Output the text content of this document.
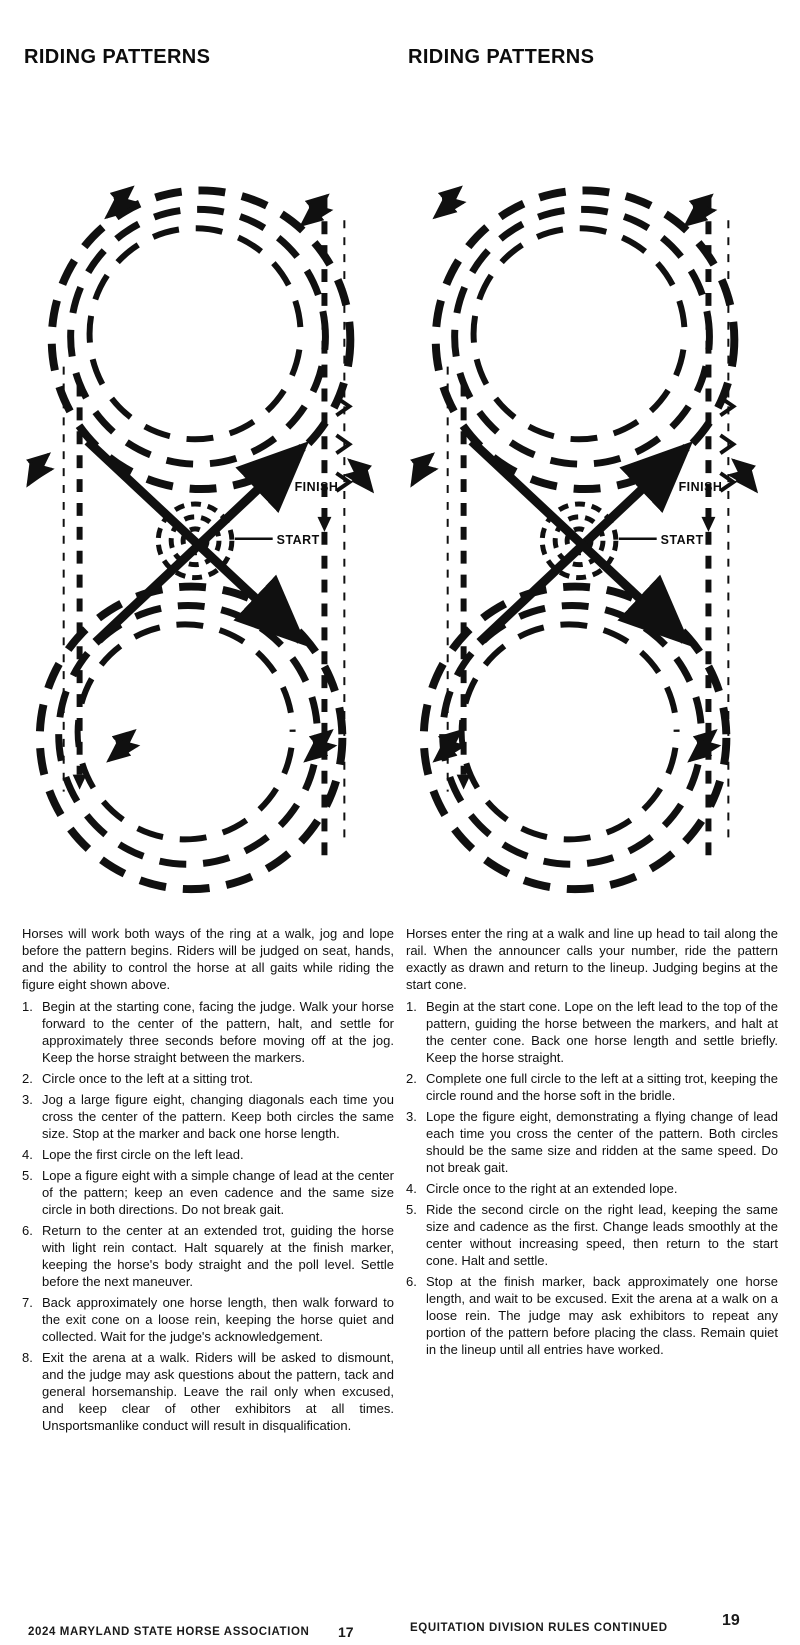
RIDING PATTERNS
START
FINISH

Horses will work both ways of the ring at a walk, jog and lope before the pattern begins. Riders will be judged on seat, hands, and the ability to control the horse at all gaits while riding the figure eight shown above.

1. Begin at the starting cone, facing the judge. Walk your horse forward to the center of the pattern, halt, and settle for approximately three seconds before moving off at the jog. Keep the horse straight between the markers.
2. Circle once to the left at a sitting trot.
3. Jog a large figure eight, changing diagonals each time you cross the center of the pattern. Keep both circles the same size. Stop at the marker and back one horse length.
4. Lope the first circle on the left lead.
5. Lope a figure eight with a simple change of lead at the center of the pattern; keep an even cadence and the same size circle in both directions. Do not break gait.
6. Return to the center at an extended trot, guiding the horse with light rein contact. Halt squarely at the finish marker, keeping the horse's body straight and the poll level. Settle before the next maneuver.
7. Back approximately one horse length, then walk forward to the exit cone on a loose rein, keeping the horse quiet and collected. Wait for the judge's acknowledgement.
8. Exit the arena at a walk. Riders will be asked to dismount, and the judge may ask questions about the pattern, tack and general horsemanship. Leave the rail only when excused, and keep clear of other exhibitors at all times. Unsportsmanlike conduct will result in disqualification.
RIDING PATTERNS
START
FINISH

Horses enter the ring at a walk and line up head to tail along the rail. When the announcer calls your number, ride the pattern exactly as drawn and return to the lineup. Judging begins at the start cone.

1. Begin at the start cone. Lope on the left lead to the top of the pattern, guiding the horse between the markers, and halt at the center cone. Back one horse length and settle briefly. Keep the horse straight.
2. Complete one full circle to the left at a sitting trot, keeping the circle round and the horse soft in the bridle.
3. Lope the figure eight, demonstrating a flying change of lead each time you cross the center of the pattern. Both circles should be the same size and ridden at the same speed. Do not break gait.
4. Circle once to the right at an extended lope.
5. Ride the second circle on the right lead, keeping the same size and cadence as the first. Change leads smoothly at the center without increasing speed, then return to the start cone. Halt and settle.
6. Stop at the finish marker, back approximately one horse length, and wait to be excused. Exit the arena at a walk on a loose rein. The judge may ask exhibitors to repeat any portion of the pattern before placing the class. Remain quiet in the lineup until all entries have worked.
2024 MARYLAND STATE HORSE ASSOCIATION 17	EQUITATION DIVISION RULES CONTINUED	19
